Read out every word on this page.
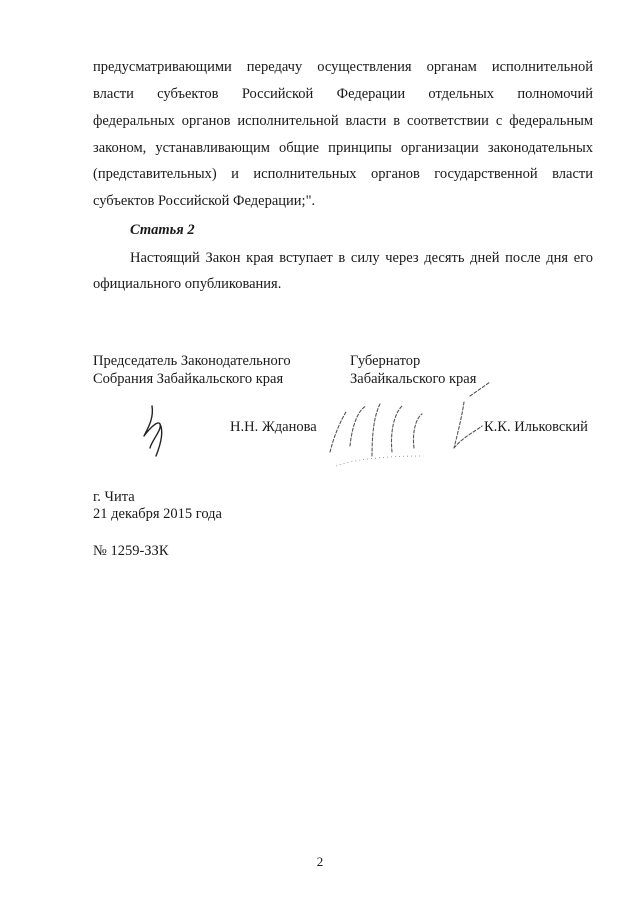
предусматривающими передачу осуществления органам исполнительной
власти субъектов Российской Федерации отдельных полномочий
федеральных органов исполнительной власти в соответствии с федеральным
законом, устанавливающим общие принципы организации законодательных
(представительных) и исполнительных органов государственной власти
субъектов Российской Федерации;".
Статья 2
Настоящий Закон края вступает в силу через десять дней после дня его
официального опубликования.
Председатель Законодательного
Собрания Забайкальского края
Губернатор
Забайкальского края
Н.Н. Жданова	К.К. Ильковский
г. Чита
21 декабря 2015 года
№ 1259-ЗЗК
2
